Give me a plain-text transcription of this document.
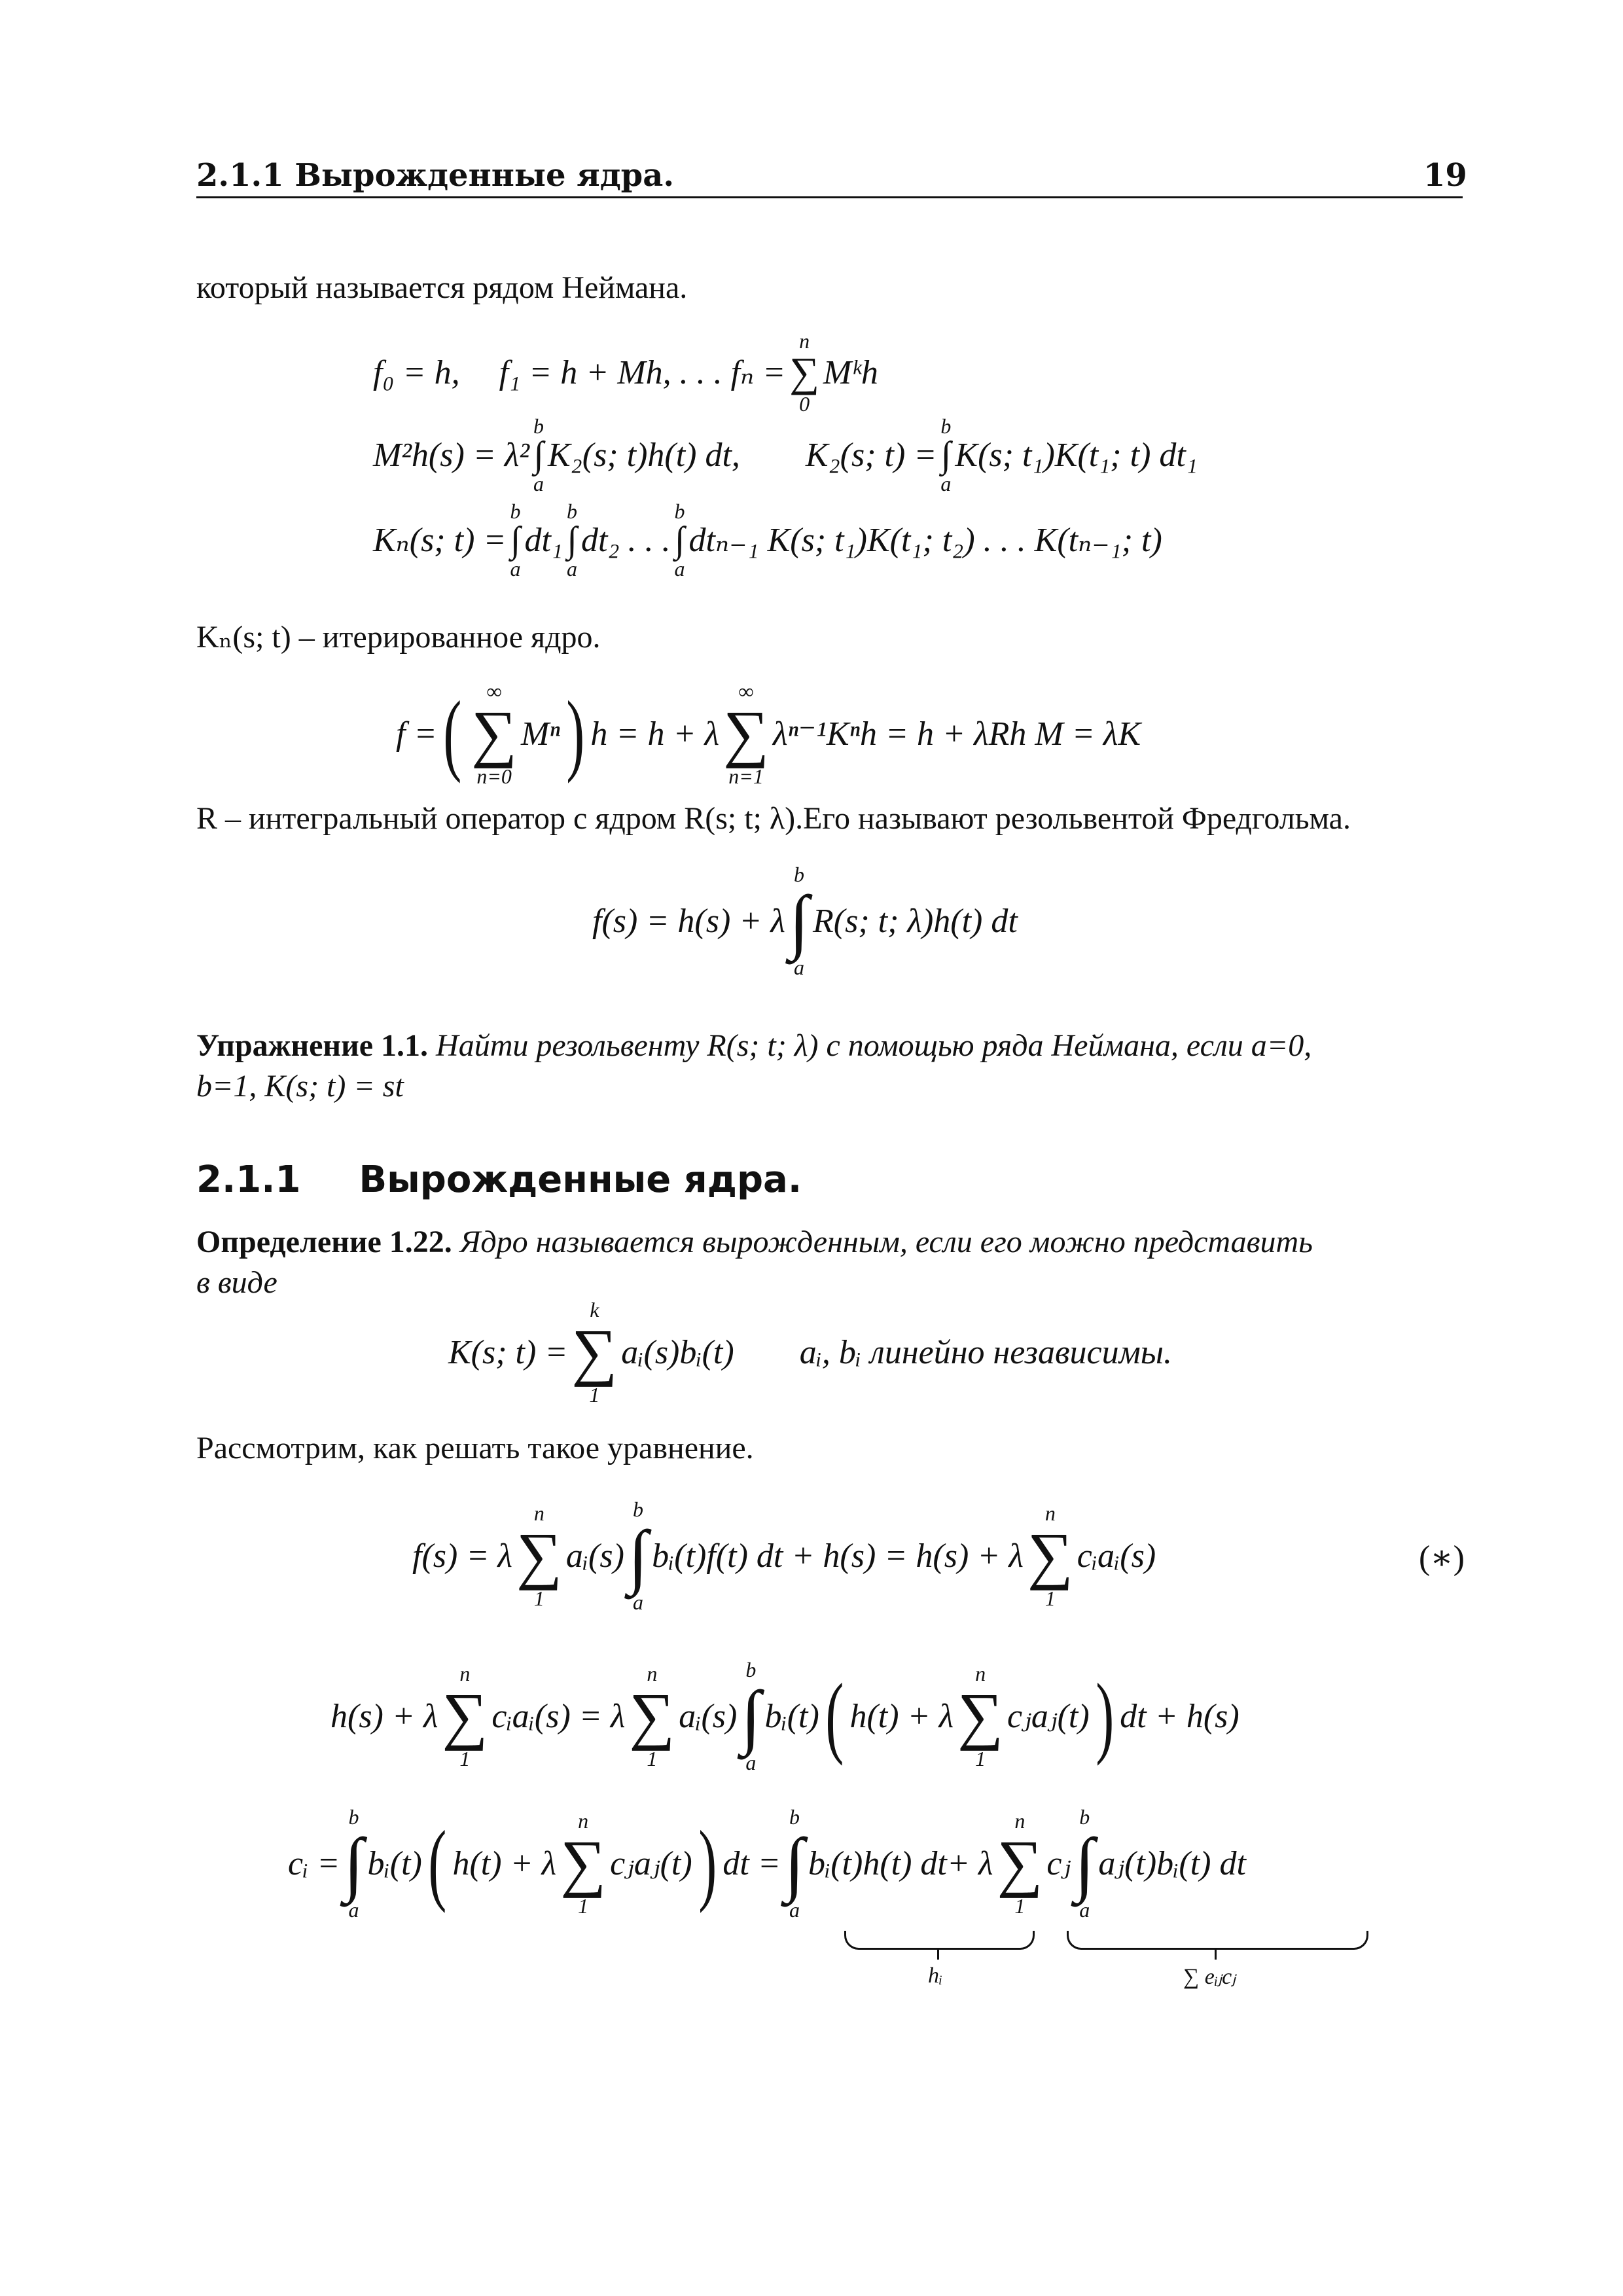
2.1.1 Вырожденные ядра.	19
который называется рядом Неймана.
f₀ = h, f₁ = h + Mh, . . . fₙ =
n
∑
0
Mᵏh
M²h(s) = λ²
b
∫
a
K₂(s; t)h(t) dt, K₂(s; t) =
b
∫
a
K(s; t₁)K(t₁; t) dt₁
Kₙ(s; t) =
b
∫
a
dt₁
b
∫
a
dt₂ . . .
b
∫
a
dtₙ₋₁ K(s; t₁)K(t₁; t₂) . . . K(tₙ₋₁; t)
Kₙ(s; t) – итерированное ядро.
f = ( ∞
∑
n=0
Mⁿ ) h = h + λ
∞
∑
n=1
λⁿ⁻¹Kⁿh = h + λRh M = λK
R – интегральный оператор с ядром R(s; t; λ).Его называют резольвентой Фредгольма.
f(s) = h(s) + λ
b
∫
a
R(s; t; λ)h(t) dt
Упражнение 1.1. Найти резольвенту R(s; t; λ) с помощью ряда Неймана, если a=0,
b=1, K(s; t) = st
2.1.1 Вырожденные ядра.
Определение 1.22. Ядро называется вырожденным, если его можно представить
в виде
K(s; t) =
k
∑
1
aᵢ(s)bᵢ(t) aᵢ, bᵢ линейно независимы.
Рассмотрим, как решать такое уравнение.
f(s) = λ
n
∑
1
aᵢ(s)
b
∫
a
bᵢ(t)f(t) dt + h(s) = h(s) + λ
n
∑
1
cᵢaᵢ(s)	(∗)
h(s) + λ
n
∑
1
cᵢaᵢ(s) = λ
n
∑
1
aᵢ(s)
b
∫
a
bᵢ(t) ( h(t) + λ
n
∑
1
cⱼaⱼ(t) ) dt + h(s)
cᵢ =
b
∫
a
bᵢ(t) ( h(t) + λ
n
∑
1
cⱼaⱼ(t) ) dt =
b
∫
a
bᵢ(t)h(t) dt + λ
n
∑
1
cⱼ
b
∫
a
aⱼ(t)bᵢ(t) dt
hᵢ	∑ eᵢⱼcⱼ
